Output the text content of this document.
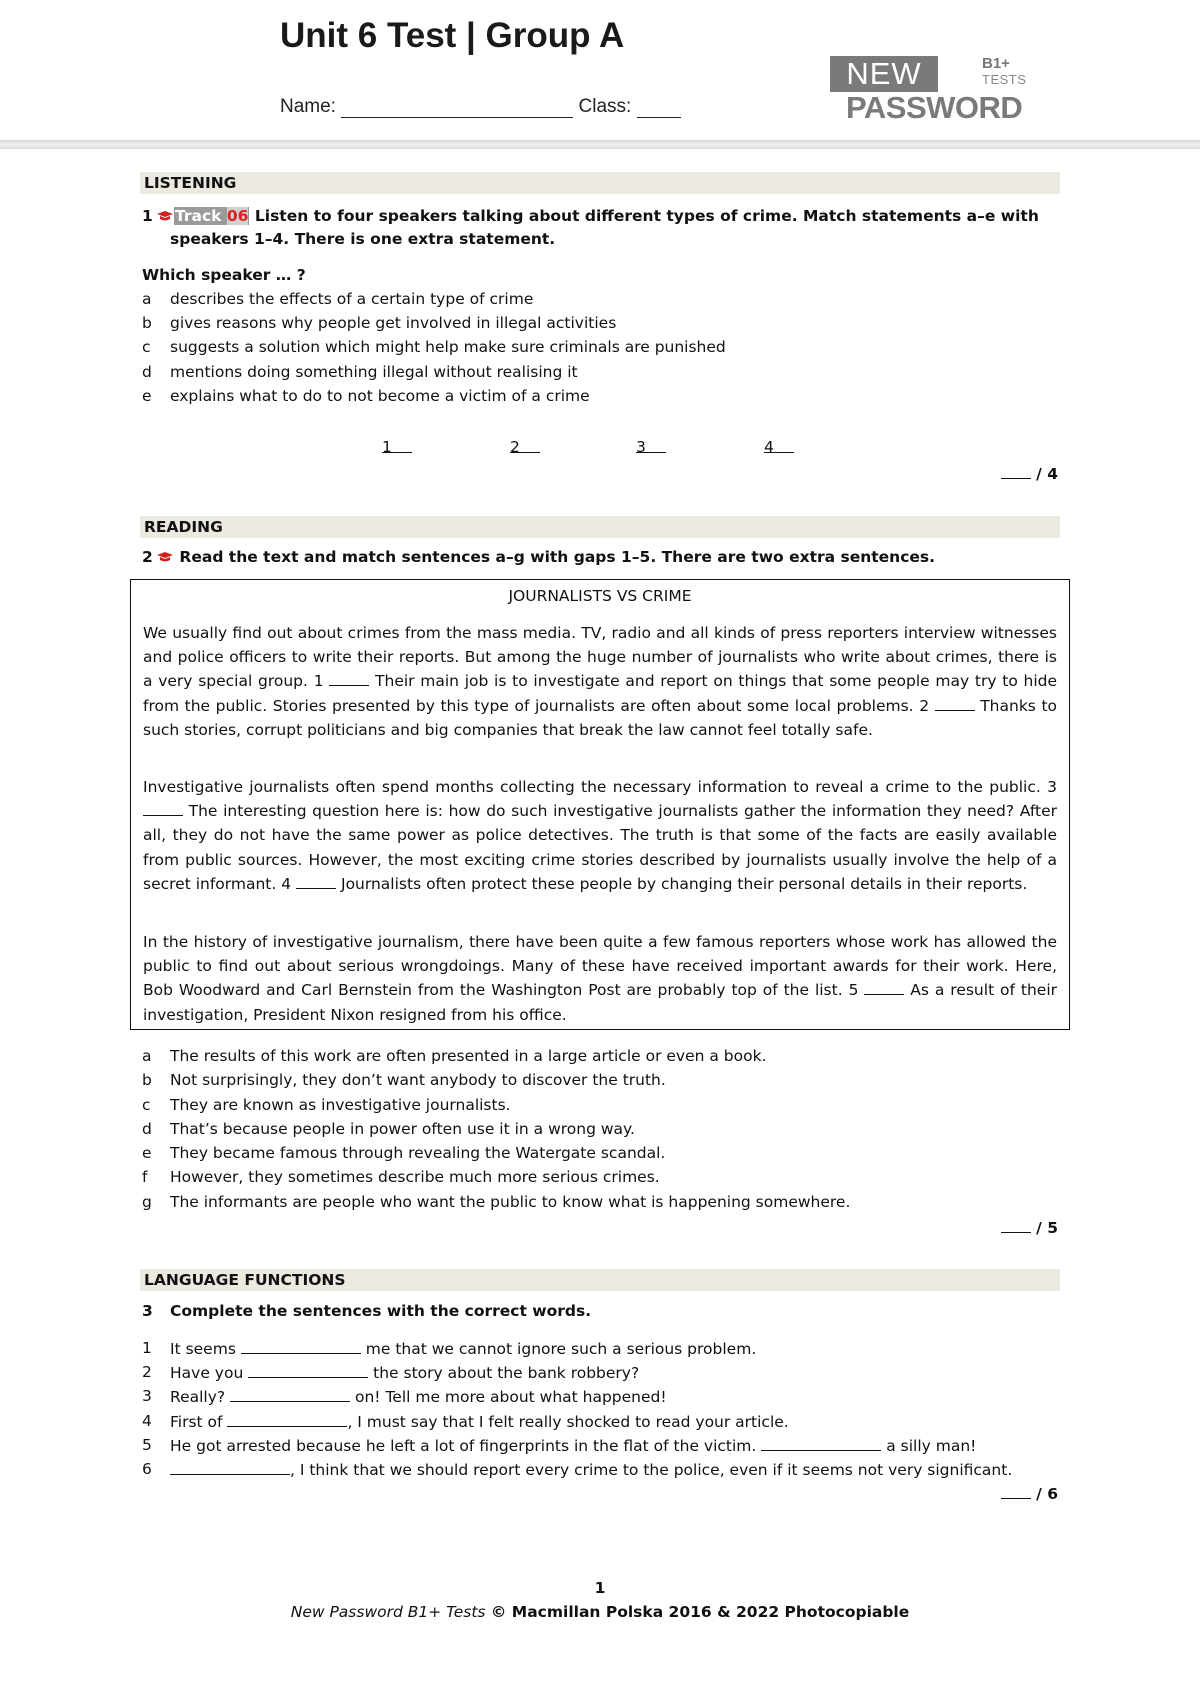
Unit 6 Test | Group A
Name:	Class:
NEW	B1+
TESTS
PASSWORD
LISTENING
1 Track 06 Listen to four speakers talking about different types of crime. Match statements a–e with
speakers 1–4. There is one extra statement.
Which speaker … ?
a	describes the effects of a certain type of crime
b	gives reasons why people get involved in illegal activities
c	suggests a solution which might help make sure criminals are punished
d	mentions doing something illegal without realising it
e	explains what to do to not become a victim of a crime
1	2	3	4
/ 4
READING
2 Read the text and match sentences a–g with gaps 1–5. There are two extra sentences.
JOURNALISTS VS CRIME
We usually find out about crimes from the mass media. TV, radio and all kinds of press reporters interview witnesses and police officers to write their reports. But among the huge number of journalists who write about crimes, there is a very special group. 1	Their main job is to investigate and report on things that some people may try to hide from the public. Stories presented by this type of journalists are often about some local problems. 2	Thanks to such stories, corrupt politicians and big companies that break the law cannot feel totally safe.
Investigative journalists often spend months collecting the necessary information to reveal a crime to the public. 3  The interesting question here is: how do such investigative journalists gather the information they need? After all, they do not have the same power as police detectives. The truth is that some of the facts are easily available from public sources. However, the most exciting crime stories described by journalists usually involve the help of a secret informant. 4	Journalists often protect these people by changing their personal details in their reports.
In the history of investigative journalism, there have been quite a few famous reporters whose work has allowed the public to find out about serious wrongdoings. Many of these have received important awards for their work. Here, Bob Woodward and Carl Bernstein from the Washington Post are probably top of the list. 5	As a result of their investigation, President Nixon resigned from his office.
a	The results of this work are often presented in a large article or even a book.
b	Not surprisingly, they don’t want anybody to discover the truth.
c	They are known as investigative journalists.
d	That’s because people in power often use it in a wrong way.
e	They became famous through revealing the Watergate scandal.
f	However, they sometimes describe much more serious crimes.
g	The informants are people who want the public to know what is happening somewhere.
/ 5
LANGUAGE FUNCTIONS
3 Complete the sentences with the correct words.
1	It seems	me that we cannot ignore such a serious problem.
2	Have you	the story about the bank robbery?
3	Really?	on! Tell me more about what happened!
4	First of	, I must say that I felt really shocked to read your article.
5	He got arrested because he left a lot of fingerprints in the flat of the victim.	a silly man!
6	, I think that we should report every crime to the police, even if it seems not very significant.
/ 6
1
New Password B1+ Tests © Macmillan Polska 2016 & 2022 Photocopiable
